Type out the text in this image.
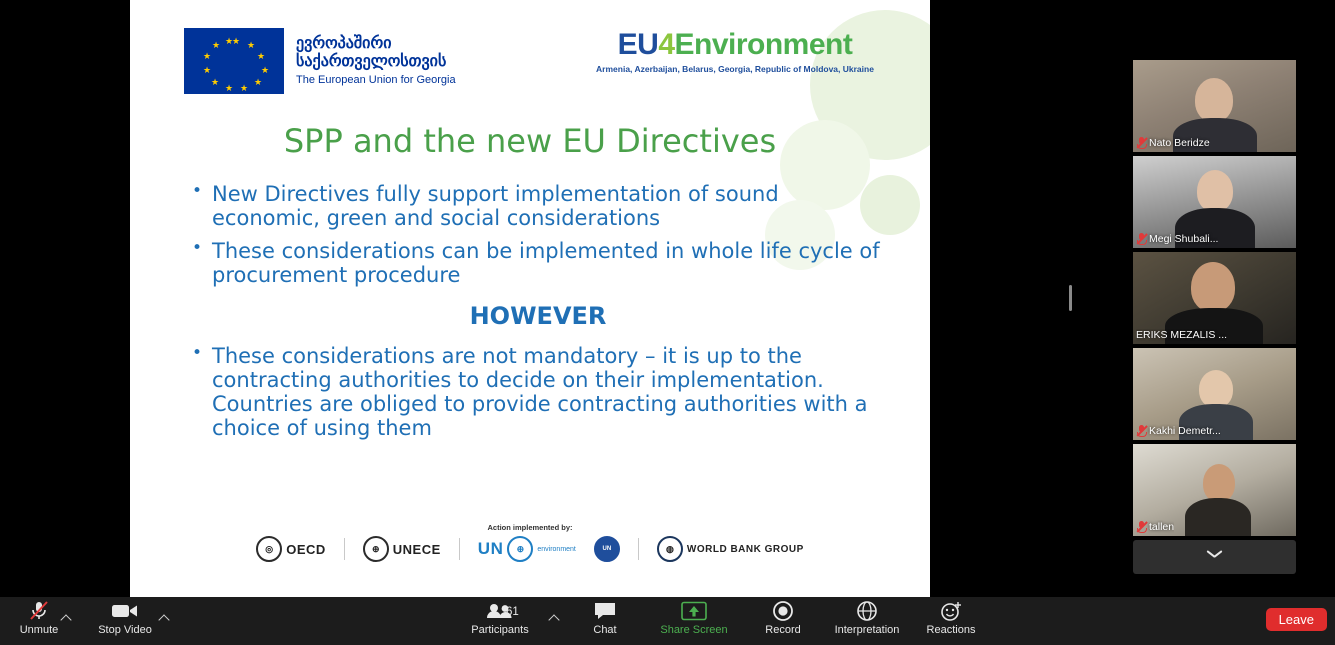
★ ★
★
★
★
★
★
★
★
★
★ ★	ევროპაშირი
საქართველოსთვის
The European Union for Georgia
EU4Environment
Armenia, Azerbaijan, Belarus, Georgia, Republic of Moldova, Ukraine
SPP and the new EU Directives
• New Directives fully support implementation of sound economic, green and social considerations
• These considerations can be implemented in whole life cycle of procurement procedure
HOWEVER
• These considerations are not mandatory – it is up to the contracting authorities to decide on their implementation. Countries are obliged to provide contracting authorities with a choice of using them
Action implemented by:
◎	OECD	⊕	UNECE UN	⊕	environment	UN	◍	WORLD BANK GROUP
Nato Beridze
Megi Shubali...
ERIKS MEZALIS ...
Kakhi Demetr...
tallen
Unmute	Stop Video	Participants
61
Chat	Share Screen	Record	Interpretation	Reactions
Leave
